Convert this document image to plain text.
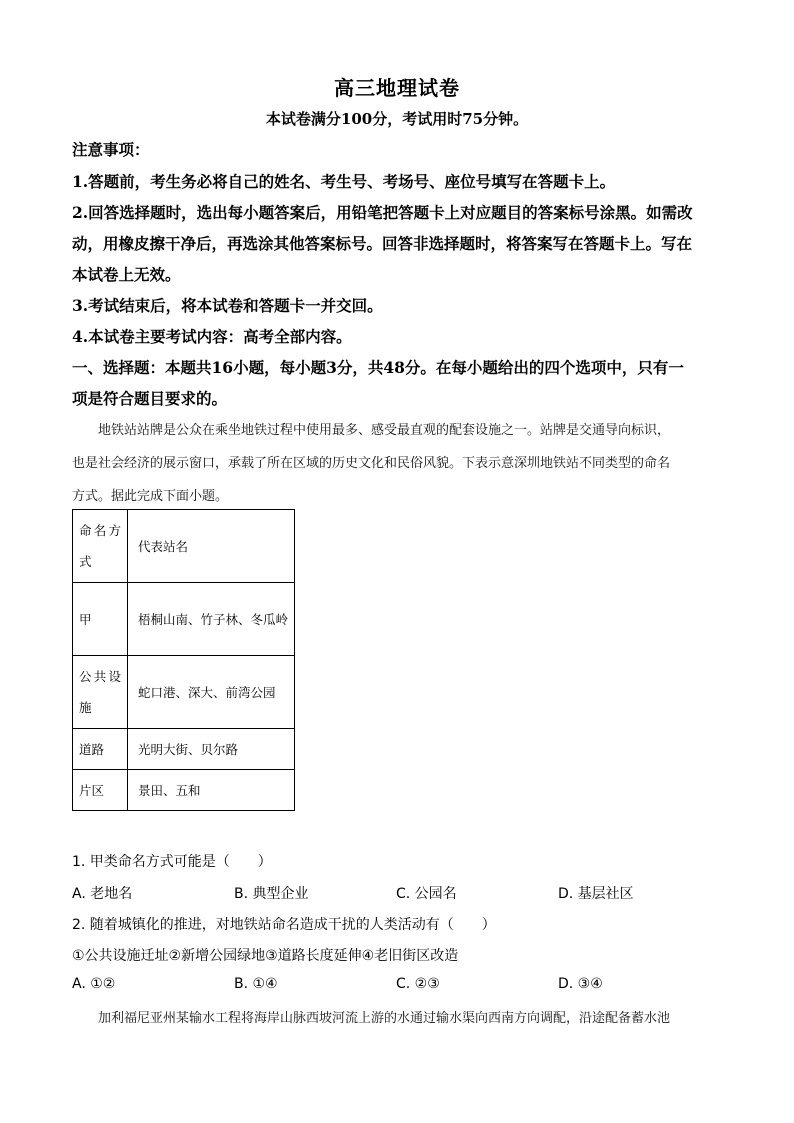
高三地理试卷
本试卷满分100分，考试用时75分钟。
注意事项：
1.答题前，考生务必将自己的姓名、考生号、考场号、座位号填写在答题卡上。
2.回答选择题时，选出每小题答案后，用铅笔把答题卡上对应题目的答案标号涂黑。如需改
动，用橡皮擦干净后，再选涂其他答案标号。回答非选择题时，将答案写在答题卡上。写在
本试卷上无效。
3.考试结束后，将本试卷和答题卡一并交回。
4.本试卷主要考试内容：高考全部内容。
一、选择题：本题共16小题，每小题3分，共48分。在每小题给出的四个选项中，只有一
项是符合题目要求的。
地铁站站牌是公众在乘坐地铁过程中使用最多、感受最直观的配套设施之一。站牌是交通导向标识，
也是社会经济的展示窗口，承载了所在区域的历史文化和民俗风貌。下表示意深圳地铁站不同类型的命名
方式。据此完成下面小题。
命名方式	代表站名
甲	梧桐山南、竹子林、冬瓜岭
公共设施	蛇口港、深大、前湾公园
道路	光明大街、贝尔路
片区	景田、五和
1. 甲类命名方式可能是（　　）
A. 老地名	B. 典型企业	C. 公园名	D. 基层社区
2. 随着城镇化的推进，对地铁站命名造成干扰的人类活动有（　　）
①公共设施迁址②新增公园绿地③道路长度延伸④老旧街区改造
A. ①②	B. ①④	C. ②③	D. ③④
加利福尼亚州某输水工程将海岸山脉西坡河流上游的水通过输水渠向西南方向调配，沿途配备蓄水池
